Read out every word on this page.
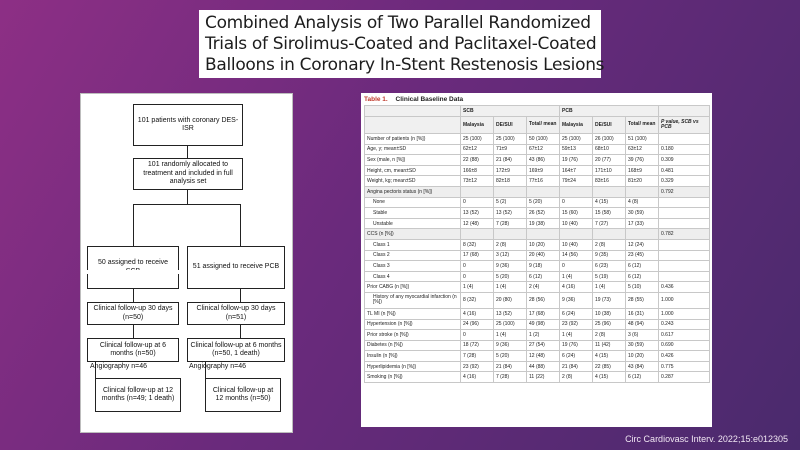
Combined Analysis of Two Parallel Randomized
Trials of Sirolimus-Coated and Paclitaxel-Coated
Balloons in Coronary In-Stent Restenosis Lesions
101 patients with coronary DES-ISR
101 randomly allocated to treatment and included in full analysis set
50 assigned to receive
51 assigned to receive PCB
Clinical follow-up 30 days (n=50)
Clinical follow-up 30 days (n=51)
Clinical follow-up at 6 months (n=50)
Clinical follow-up at 6 months (n=50, 1 death)
Angiography n=46	Angiography n=46
Clinical follow-up at 12 months (n=49; 1 death)
Clinical follow-up at 12 months (n=50)
Table 1. Clinical Baseline Data
	SCB			PCB			
	Malaysia	DE/SUI	Total/ mean	Malaysia	DE/SUI	Total/ mean	P value, SCB vs PCB
Number of patients (n [%])	25 (100)	25 (100)	50 (100)	25 (100)	26 (100)	51 (100)	
Age, y; mean±SD	62±12	71±9	67±12	59±13	68±10	63±12	0.180
Sex (male, n [%])	22 (88)	21 (84)	43 (86)	19 (76)	20 (77)	39 (76)	0.309
Height, cm, mean±SD	166±8	172±9	169±9	164±7	171±10	168±9	0.481
Weight, kg; mean±SD	73±12	82±18	77±16	79±24	83±16	81±20	0.329
Angina pectoris status (n [%])							0.792
None	0	5 (2)	5 (20)	0	4 (15)	4 (8)	
Stable	13 (52)	13 (52)	26 (52)	15 (60)	15 (58)	30 (59)	
Unstable	12 (48)	7 (28)	19 (38)	10 (40)	7 (27)	17 (33)	
CCS (n [%])							0.782
Class 1	8 (32)	2 (8)	10 (20)	10 (40)	2 (8)	12 (24)	
Class 2	17 (68)	3 (12)	20 (40)	14 (56)	9 (35)	23 (45)	
Class 3	0	9 (36)	9 (18)	0	6 (23)	6 (12)	
Class 4	0	5 (20)	6 (12)	1 (4)	5 (19)	6 (12)	
Prior CABG (n [%])	1 (4)	1 (4)	2 (4)	4 (16)	1 (4)	5 (10)	0.436
History of any myocardial infarction (n [%])	8 (32)	20 (80)	28 (56)	9 (36)	19 (73)	28 (55)	1.000
TL MI (n [%])	4 (16)	13 (52)	17 (68)	6 (24)	10 (38)	16 (31)	1.000
Hypertension (n [%])	24 (96)	25 (100)	49 (98)	23 (92)	25 (96)	48 (94)	0.243
Prior stroke (n [%])	0	1 (4)	1 (2)	1 (4)	2 (8)	3 (6)	0.617
Diabetes (n [%])	18 (72)	9 (36)	27 (54)	19 (76)	11 (42)	30 (59)	0.690
Insulin (n [%])	7 (28)	5 (20)	12 (48)	6 (24)	4 (15)	10 (20)	0.426
Hyperlipidemia (n [%])	23 (92)	21 (84)	44 (88)	21 (84)	22 (85)	43 (84)	0.775
Smoking (n [%])	4 (16)	7 (28)	11 (22)	2 (8)	4 (15)	6 (12)	0.287
Circ Cardiovasc Interv. 2022;15:e012305
